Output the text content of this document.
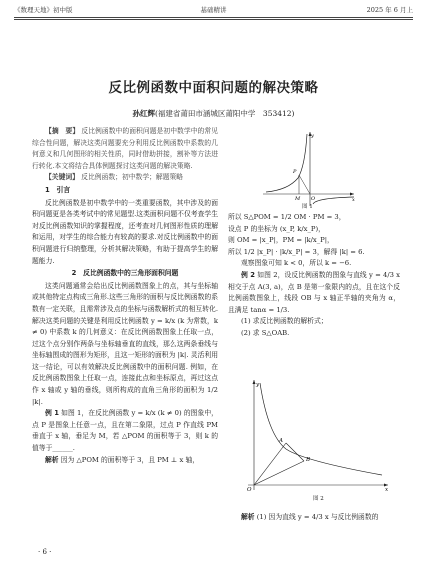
《数理天地》初中版	基础精讲	2025 年 6 月上
反比例函数中面积问题的解决策略
孙红辉(福建省莆田市涵城区莆阳中学　353412)
【摘　要】 反比例函数中的面积问题是初中数学中的常见综合性问题，解决这类问题要充分利用反比例函数中系数的几何意义和几何图形的相关性质，同时借助拼接，割补等方法进行转化.本文将结合具体例题探讨这类问题的解决策略.
【关键词】 反比例函数；初中数学；解题策略
1　引言
反比例函数是初中数学中的一类重要函数，其中涉及的面积问题更是各类考试中的常见题型.这类面积问题不仅考查学生对反比例函数知识的掌握程度，还考查对几何图形性质的理解和运用，对学生的综合能力有较高的要求.对反比例函数中的面积问题进行归纳整理，分析其解决策略，有助于提高学生的解题能力.
2　反比例函数中的三角形面积问题
这类问题通常会给出反比例函数图象上的点，其与坐标轴或其他特定点构成三角形.这些三角形的面积与反比例函数的系数有一定关联，且需常涉及点的坐标与函数解析式的相互转化.解决这类问题的关键是利用反比例函数 y = k/x (k 为常数，k ≠ 0) 中系数 k 的几何意义：在反比例函数图象上任取一点，过这个点分别作两条与坐标轴垂直的直线，那么这两条垂线与坐标轴围成的图形为矩形，且这一矩形的面积为 |k|. 灵活利用这一结论，可以有效解决反比例函数中的面积问题. 例如，在反比例函数图象上任取一点，连接此点和坐标原点，再过这点作 x 轴或 y 轴的垂线，则所构成的直角三角形的面积为 1/2 |k|.
例 1 如图 1，在反比例函数 y = k/x (k ≠ 0) 的图象中，点 P 是图象上任意一点，且在第二象限，过点 P 作直线 PM 垂直于 x 轴，垂足为 M，若 △POM 的面积等于 3，则 k 的值等于______.
解析 因为 △POM 的面积等于 3，且 PM ⊥ x 轴，
y
x
P
M O
图 1
所以 S△POM = 1/2 OM · PM = 3，
设点 P 的坐标为 (x_P, k/x_P)，
则 OM = |x_P|，PM = |k/x_P|，
所以 1/2 |x_P| · |k/x_P| = 3，解得 |k| = 6.
观察图象可知 k < 0，所以 k = −6.
例 2 如图 2，设反比例函数的图象与直线 y = 4/3 x 相交于点 A(3, a)，点 B 是第一象限内的点，且在这个反比例函数图象上，线段 OB 与 x 轴正半轴的夹角为 α，且满足 tanα = 1/3.
(1) 求反比例函数的解析式；
(2) 求 S△OAB.
y
x
A
B
O
图 2
解析 (1) 因为直线 y = 4/3 x 与反比例函数的
· 6 ·
